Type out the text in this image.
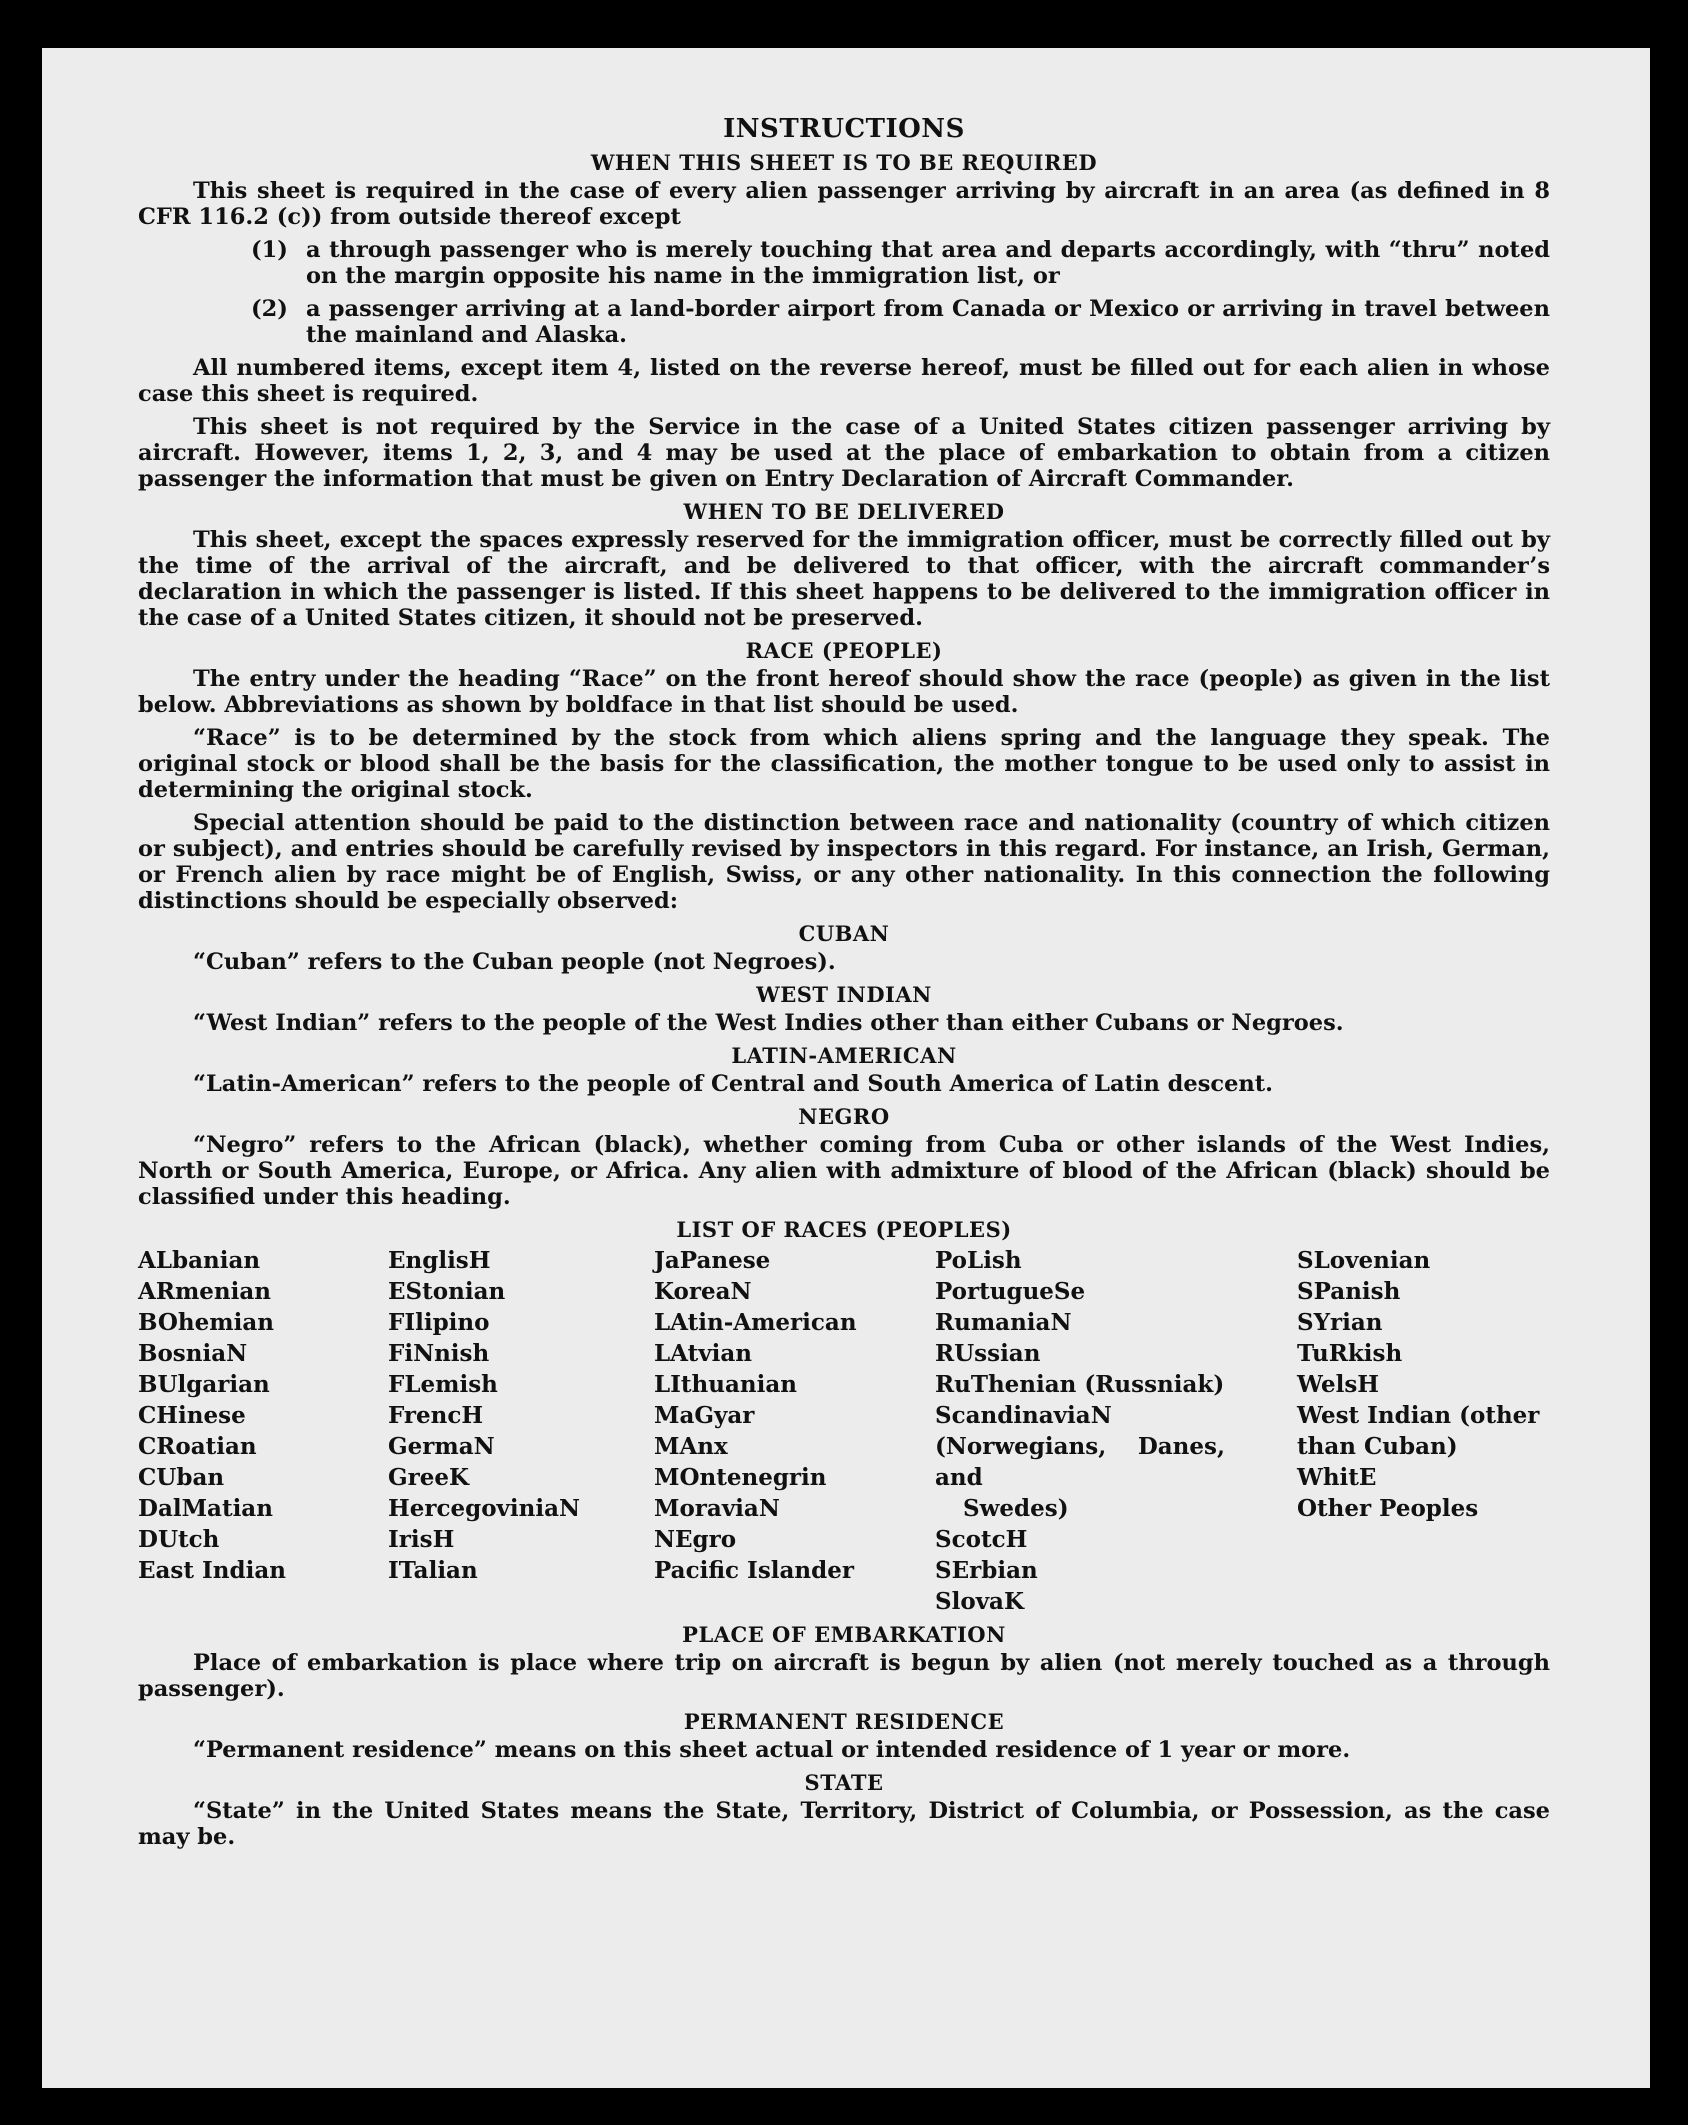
INSTRUCTIONS
WHEN THIS SHEET IS TO BE REQUIRED

This sheet is required in the case of every alien passenger arriving by aircraft in an area (as defined in 8 CFR 116.2 (c)) from outside thereof except

(1) a through passenger who is merely touching that area and departs accordingly, with “thru” noted on the margin opposite his name in the immigration list, or
(2) a passenger arriving at a land-border airport from Canada or Mexico or arriving in travel between the mainland and Alaska.

All numbered items, except item 4, listed on the reverse hereof, must be filled out for each alien in whose case this sheet is required.

This sheet is not required by the Service in the case of a United States citizen passenger arriving by aircraft. However, items 1, 2, 3, and 4 may be used at the place of embarkation to obtain from a citizen passenger the information that must be given on Entry Declaration of Aircraft Commander.

WHEN TO BE DELIVERED

This sheet, except the spaces expressly reserved for the immigration officer, must be correctly filled out by the time of the arrival of the aircraft, and be delivered to that officer, with the aircraft commander’s declaration in which the passenger is listed. If this sheet happens to be delivered to the immigration officer in the case of a United States citizen, it should not be preserved.

RACE (PEOPLE)

The entry under the heading “Race” on the front hereof should show the race (people) as given in the list below. Abbreviations as shown by boldface in that list should be used.

“Race” is to be determined by the stock from which aliens spring and the language they speak. The original stock or blood shall be the basis for the classification, the mother tongue to be used only to assist in determining the original stock.

Special attention should be paid to the distinction between race and nationality (country of which citizen or subject), and entries should be carefully revised by inspectors in this regard. For instance, an Irish, German, or French alien by race might be of English, Swiss, or any other nationality. In this connection the following distinctions should be especially observed:

CUBAN

“Cuban” refers to the Cuban people (not Negroes).

WEST INDIAN

“West Indian” refers to the people of the West Indies other than either Cubans or Negroes.

LATIN-AMERICAN

“Latin-American” refers to the people of Central and South America of Latin descent.

NEGRO

“Negro” refers to the African (black), whether coming from Cuba or other islands of the West Indies, North or South America, Europe, or Africa. Any alien with admixture of blood of the African (black) should be classified under this heading.

LIST OF RACES (PEOPLES)
ALbanian
ARmenian
BOhemian
BosniaN
BUlgarian
CHinese
CRoatian
CUban
DalMatian
DUtch
East Indian
EnglisH
EStonian
FIlipino
FiNnish
FLemish
FrencH
GermaN
GreeK
HercegoviniaN
IrisH
ITalian
JaPanese
KoreaN
LAtin-American
LAtvian
LIthuanian
MaGyar
MAnx
MOntenegrin
MoraviaN
NEgro
Pacific Islander
PoLish
PortugueSe
RumaniaN
RUssian
RuThenian (Russniak)
ScandinaviaN (Norwegians, Danes, and
Swedes)
ScotcH
SErbian
SlovaK
SLovenian
SPanish
SYrian
TuRkish
WelsH
West Indian (other than Cuban)
WhitE
Other Peoples
PLACE OF EMBARKATION

Place of embarkation is place where trip on aircraft is begun by alien (not merely touched as a through passenger).

PERMANENT RESIDENCE

“Permanent residence” means on this sheet actual or intended residence of 1 year or more.

STATE

“State” in the United States means the State, Territory, District of Columbia, or Possession, as the case may be.
